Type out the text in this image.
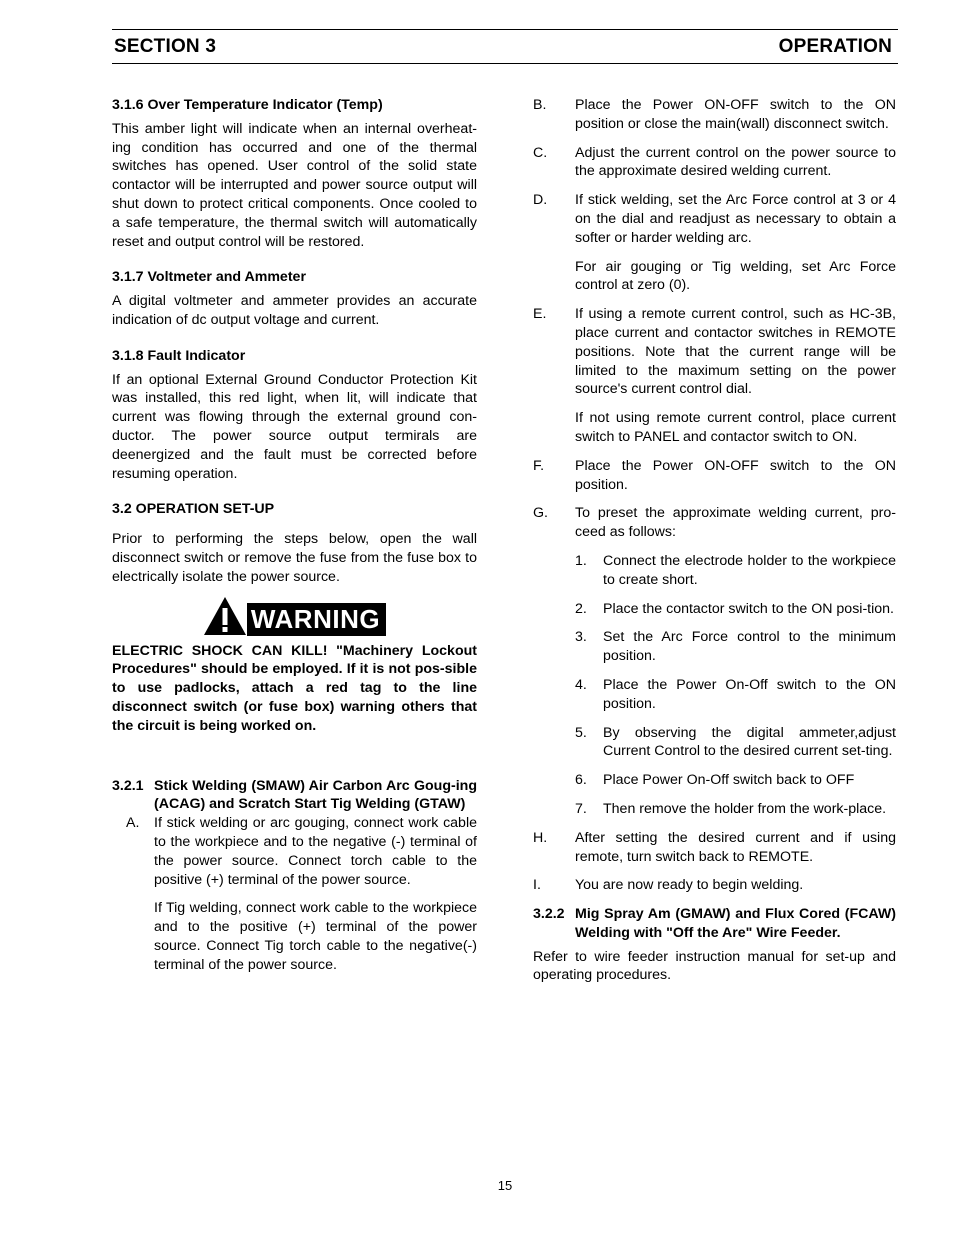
SECTION 3	OPERATION
3.1.6 Over Temperature Indicator (Temp)

This amber light will indicate when an internal overheat-ing condition has occurred and one of the thermal switches has opened. User control of the solid state contactor will be interrupted and power source output will shut down to protect critical components. Once cooled to a safe temperature, the thermal switch will automatically reset and output control will be restored.

3.1.7 Voltmeter and Ammeter

A digital voltmeter and ammeter provides an accurate indication of dc output voltage and current.

3.1.8 Fault Indicator

If an optional External Ground Conductor Protection Kit was installed, this red light, when lit, will indicate that current was flowing through the external ground con-ductor. The power source output termirals are deenergized and the fault must be corrected before resuming operation.

3.2 OPERATION SET-UP

Prior to performing the steps below, open the wall disconnect switch or remove the fuse from the fuse box to electrically isolate the power source.

WARNING

ELECTRIC SHOCK CAN KILL! "Machinery Lockout Procedures" should be employed. If it is not pos-sible to use padlocks, attach a red tag to the line disconnect switch (or fuse box) warning others that the circuit is being worked on.

3.2.1 Stick Welding (SMAW) Air Carbon Arc Goug-ing (ACAG) and Scratch Start Tig Welding (GTAW)
A.	If stick welding or arc gouging, connect work cable to the workpiece and to the negative (-) terminal of the power source. Connect torch cable to the positive (+) terminal of the power source.

If Tig welding, connect work cable to the workpiece and to the positive (+) terminal of the power source. Connect Tig torch cable to the negative(-) terminal of the power source.

B.	Place the Power ON-OFF switch to the ON position or close the main(wall) disconnect switch.
C.	Adjust the current control on the power source to the approximate desired welding current.
D.	If stick welding, set the Arc Force control at 3 or 4 on the dial and readjust as necessary to obtain a softer or harder welding arc.

For air gouging or Tig welding, set Arc Force control at zero (0).

E.	If using a remote current control, such as HC-3B, place current and contactor switches in REMOTE positions. Note that the current range will be limited to the maximum setting on the power source's current control dial.

If not using remote current control, place current switch to PANEL and contactor switch to ON.

F.	Place the Power ON-OFF switch to the ON position.
G.	To preset the approximate welding current, pro-ceed as follows:
1.	Connect the electrode holder to the workpiece to create short.
2.	Place the contactor switch to the ON posi-tion.
3.	Set the Arc Force control to the minimum position.
4.	Place the Power On-Off switch to the ON position.
5.	By observing the digital ammeter,adjust Current Control to the desired current set-ting.
6.	Place Power On-Off switch back to OFF
7.	Then remove the holder from the work-place.
H.	After setting the desired current and if using remote, turn switch back to REMOTE.
I.	You are now ready to begin welding.
3.2.2 Mig Spray Am (GMAW) and Flux Cored (FCAW) Welding with "Off the Are" Wire Feeder.

Refer to wire feeder instruction manual for set-up and operating procedures.

15
